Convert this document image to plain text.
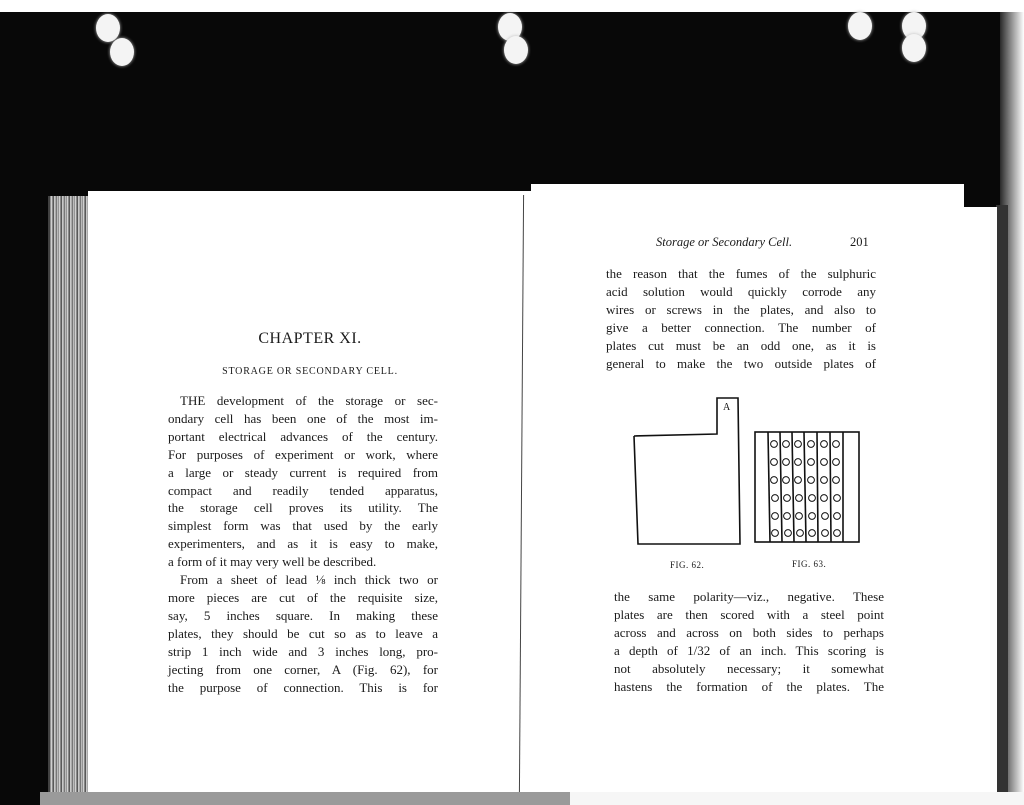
CHAPTER XI.
STORAGE OR SECONDARY CELL.

THE development of the storage or sec-
ondary cell has been one of the most im-
portant electrical advances of the century.
For purposes of experiment or work, where
a large or steady current is required from
compact and readily tended apparatus,
the storage cell proves its utility. The
simplest form was that used by the early
experimenters, and as it is easy to make,
a form of it may very well be described.

From a sheet of lead ⅛ inch thick two or
more pieces are cut of the requisite size,
say, 5 inches square. In making these
plates, they should be cut so as to leave a
strip 1 inch wide and 3 inches long, pro-
jecting from one corner, A (Fig. 62), for
the purpose of connection. This is for

Storage or Secondary Cell.	201

the reason that the fumes of the sulphuric
acid solution would quickly corrode any
wires or screws in the plates, and also to
give a better connection. The number of
plates cut must be an odd one, as it is
general to make the two outside plates of

A
FIG. 62.	FIG. 63.

the same polarity—viz., negative. These
plates are then scored with a steel point
across and across on both sides to perhaps
a depth of 1/32 of an inch. This scoring is
not absolutely necessary; it somewhat
hastens the formation of the plates. The
